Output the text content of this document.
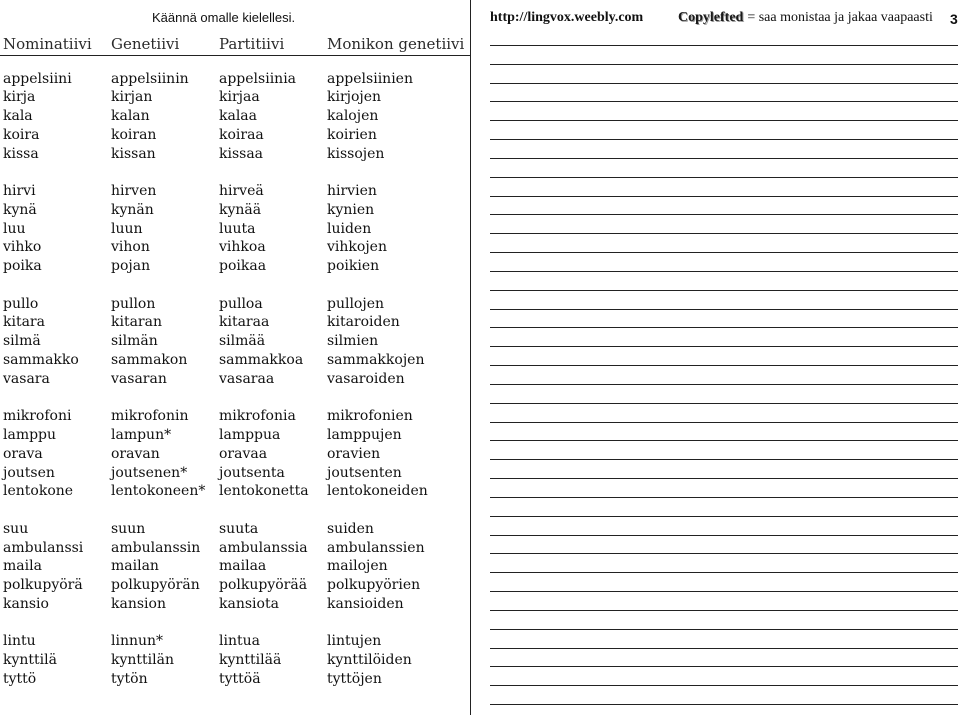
Käännä omalle kielellesi.	http://lingvox.weebly.com Copylefted = saa monistaa ja jakaa vaapaasti 3
Nominatiivi Genetiivi	Partitiivi	Monikon genetiivi
appelsiini	appelsiinin appelsiinia appelsiinien
kirja	kirjan	kirjaa	kirjojen
kala	kalan	kalaa	kalojen
koira	koiran	koiraa	koirien
kissa	kissan	kissaa	kissojen
hirvi	hirven	hirveä	hirvien
kynä	kynän	kynää	kynien
luu	luun	luuta	luiden
vihko	vihon	vihkoa	vihkojen
poika	pojan	poikaa	poikien
pullo	pullon	pulloa	pullojen
kitara	kitaran	kitaraa	kitaroiden
silmä	silmän	silmää	silmien
sammakko sammakon sammakkoa sammakkojen
vasara	vasaran	vasaraa	vasaroiden
mikrofoni	mikrofonin mikrofonia mikrofonien
lamppu	lampun*	lamppua	lamppujen
orava	oravan	oravaa	oravien
joutsen	joutsenen* joutsenta	joutsenten
lentokone	lentokoneen* lentokonetta lentokoneiden
suu	suun	suuta	suiden
ambulanssi ambulanssin ambulanssia ambulanssien
maila	mailan	mailaa	mailojen
polkupyörä polkupyörän polkupyörää polkupyörien
kansio	kansion	kansiota	kansioiden
lintu	linnun*	lintua	lintujen
kynttilä	kynttilän	kynttilää	kynttilöiden
tyttö	tytön	tyttöä	tyttöjen
